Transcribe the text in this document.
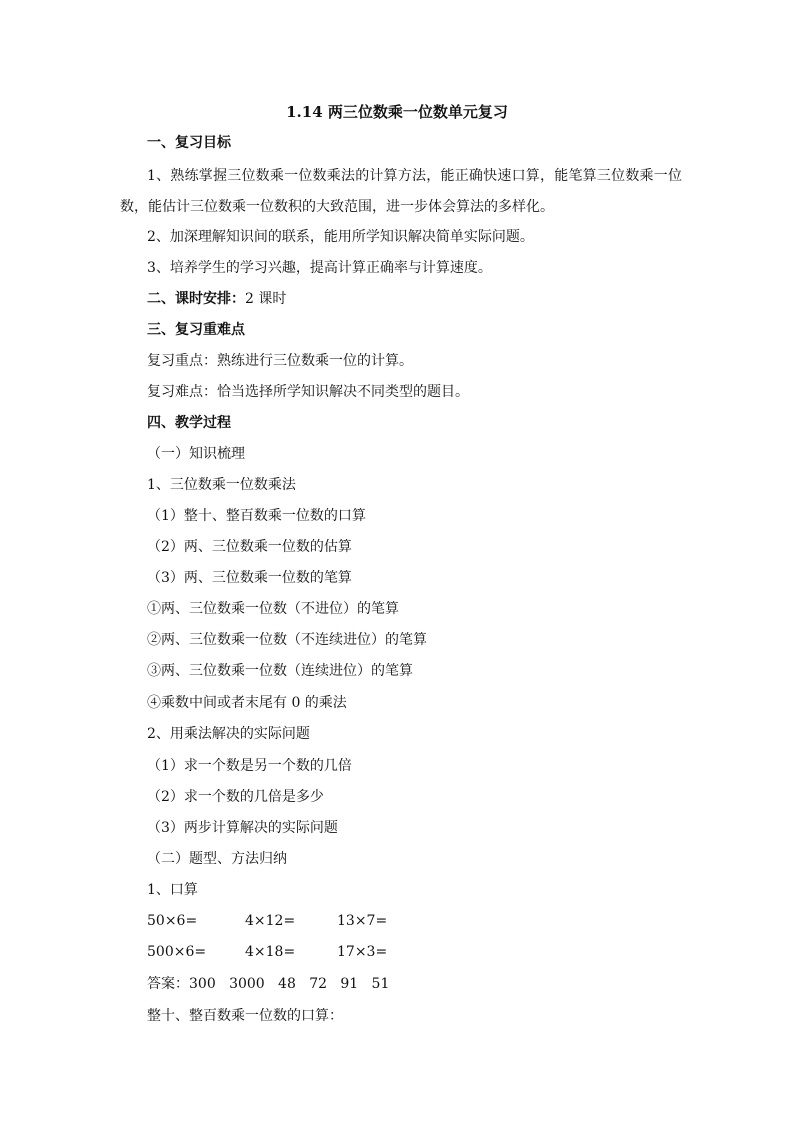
1.14 两三位数乘一位数单元复习
一、复习目标
1、熟练掌握三位数乘一位数乘法的计算方法，能正确快速口算，能笔算三位数乘一位数，能估计三位数乘一位数积的大致范围，进一步体会算法的多样化。
2、加深理解知识间的联系，能用所学知识解决简单实际问题。
3、培养学生的学习兴趣，提高计算正确率与计算速度。
二、课时安排：2 课时
三、复习重难点
复习重点：熟练进行三位数乘一位的计算。
复习难点：恰当选择所学知识解决不同类型的题目。
四、教学过程
（一）知识梳理
1、三位数乘一位数乘法
（1）整十、整百数乘一位数的口算
（2）两、三位数乘一位数的估算
（3）两、三位数乘一位数的笔算
①两、三位数乘一位数（不进位）的笔算
②两、三位数乘一位数（不连续进位）的笔算
③两、三位数乘一位数（连续进位）的笔算
④乘数中间或者末尾有 0 的乘法
2、用乘法解决的实际问题
（1）求一个数是另一个数的几倍
（2）求一个数的几倍是多少
（3）两步计算解决的实际问题
（二）题型、方法归纳
1、口算
50×6=	4×12=	13×7=
500×6=	4×18=	17×3=
答案：300   3000   48   72   91   51
整十、整百数乘一位数的口算：
